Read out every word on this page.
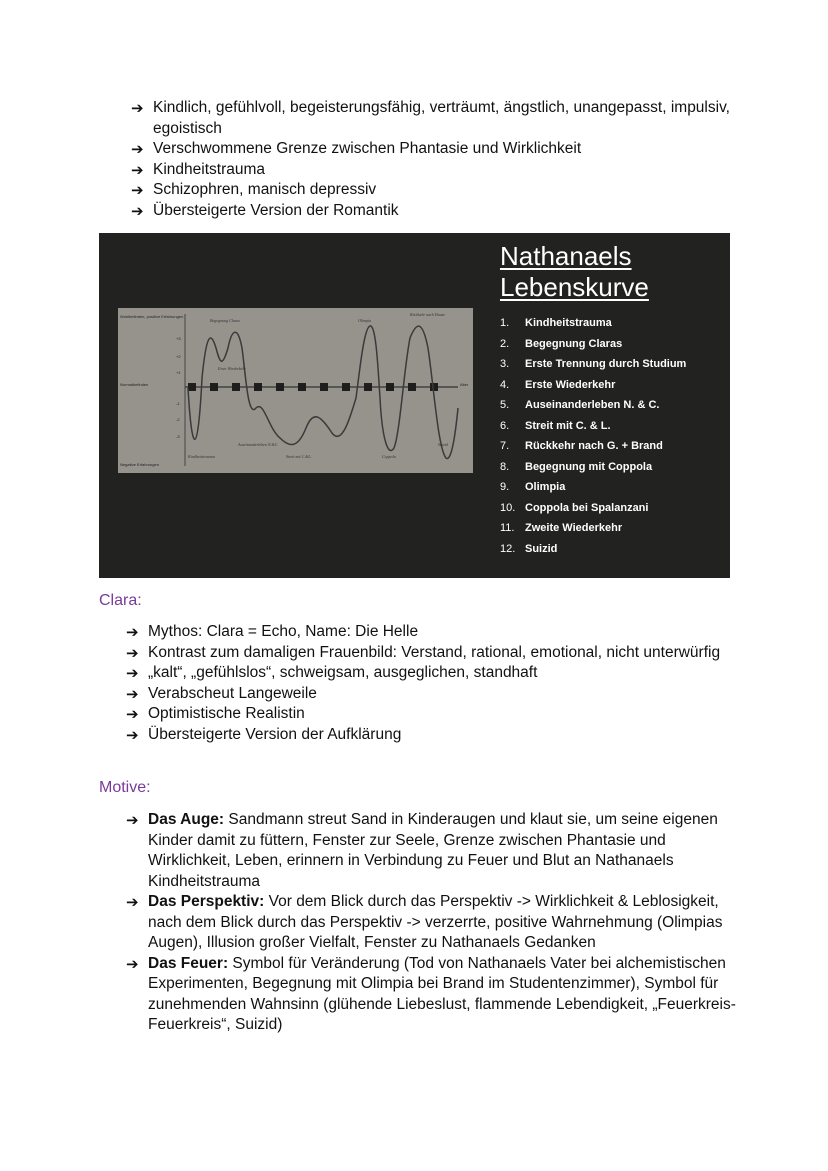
➔ Kindlich, gefühlvoll, begeisterungsfähig, verträumt, ängstlich, unangepasst, impulsiv, egoistisch
➔ Verschwommene Grenze zwischen Phantasie und Wirklichkeit
➔ Kindheitstrauma
➔ Schizophren, manisch depressiv
➔ Übersteigerte Version der Romantik
Wohlbefinden, positive Erfahrungen
Normalbefinden
Negative Erfahrungen
Alter
+3
+2
+1
-1
-2
-3
Begegnung Claras	Olimpia
Rückkehr nach Hause
Coppola
Suizid
Kindheitstrauma	Streit mit C.&L.
Auseinanderleben N.&C.
Erste Wiederkehr
Nathanaels
Lebenskurve
1. Kindheitstrauma
2. Begegnung Claras
3. Erste Trennung durch Studium
4. Erste Wiederkehr
5. Auseinanderleben N. & C.
6. Streit mit C. & L.
7. Rückkehr nach G. + Brand
8. Begegnung mit Coppola
9. Olimpia
10. Coppola bei Spalanzani
11. Zweite Wiederkehr
12. Suizid
Clara:
➔ Mythos: Clara = Echo, Name: Die Helle
➔ Kontrast zum damaligen Frauenbild: Verstand, rational, emotional, nicht unterwürfig
➔ „kalt“, „gefühlslos“, schweigsam, ausgeglichen, standhaft
➔ Verabscheut Langeweile
➔ Optimistische Realistin
➔ Übersteigerte Version der Aufklärung
Motive:
➔ Das Auge: Sandmann streut Sand in Kinderaugen und klaut sie, um seine eigenen Kinder damit zu füttern, Fenster zur Seele, Grenze zwischen Phantasie und Wirklichkeit, Leben, erinnern in Verbindung zu Feuer und Blut an Nathanaels Kindheitstrauma
➔ Das Perspektiv: Vor dem Blick durch das Perspektiv -> Wirklichkeit & Leblosigkeit, nach dem Blick durch das Perspektiv -> verzerrte, positive Wahrnehmung (Olimpias Augen), Illusion großer Vielfalt, Fenster zu Nathanaels Gedanken
➔ Das Feuer: Symbol für Veränderung (Tod von Nathanaels Vater bei alchemistischen Experimenten, Begegnung mit Olimpia bei Brand im Studentenzimmer), Symbol für zunehmenden Wahnsinn (glühende Liebeslust, flammende Lebendigkeit, „Feuerkreis-Feuerkreis“, Suizid)
